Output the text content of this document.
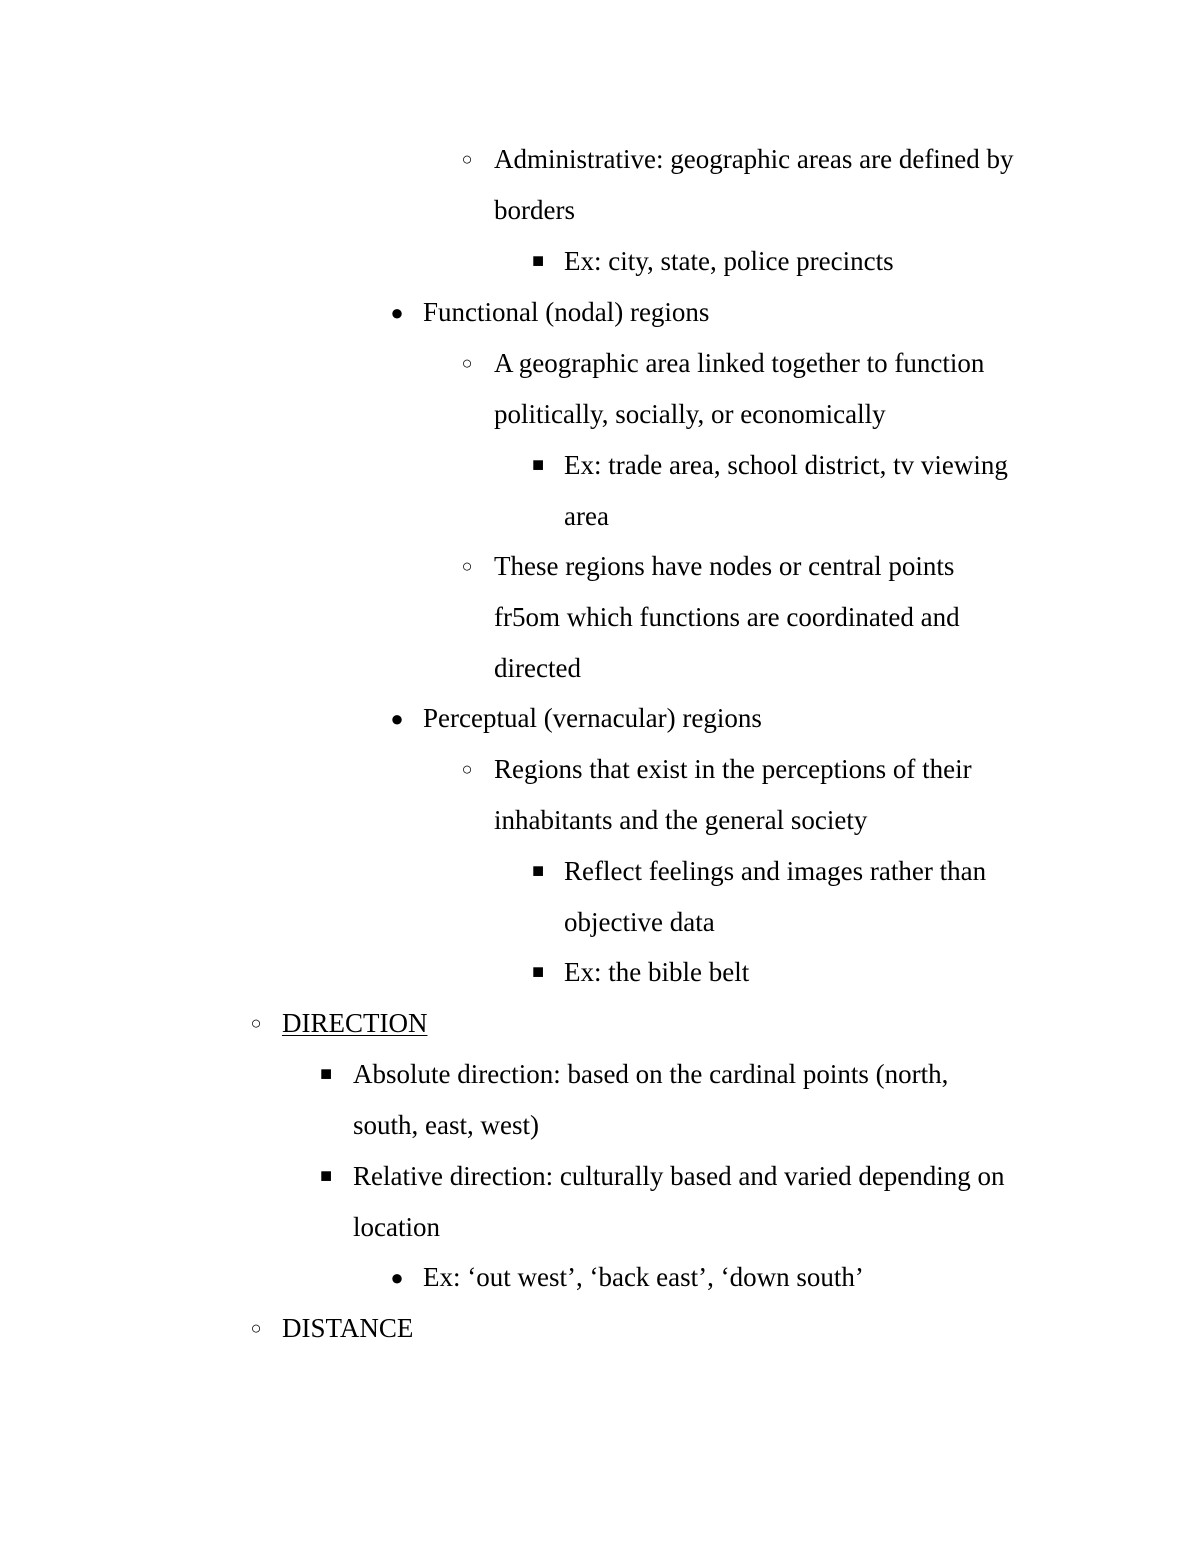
○ Administrative: geographic areas are defined by borders
■ Ex: city, state, police precincts
● Functional (nodal) regions
○ A geographic area linked together to function politically, socially, or economically
■ Ex: trade area, school district, tv viewing area
○ These regions have nodes or central points fr5om which functions are coordinated and directed
● Perceptual (vernacular) regions
○ Regions that exist in the perceptions of their inhabitants and the general society
■ Reflect feelings and images rather than objective data
■ Ex: the bible belt
○ DIRECTION
■ Absolute direction: based on the cardinal points (north, south, east, west)
■ Relative direction: culturally based and varied depending on location
● Ex: ‘out west’, ‘back east’, ‘down south’
○ DISTANCE
